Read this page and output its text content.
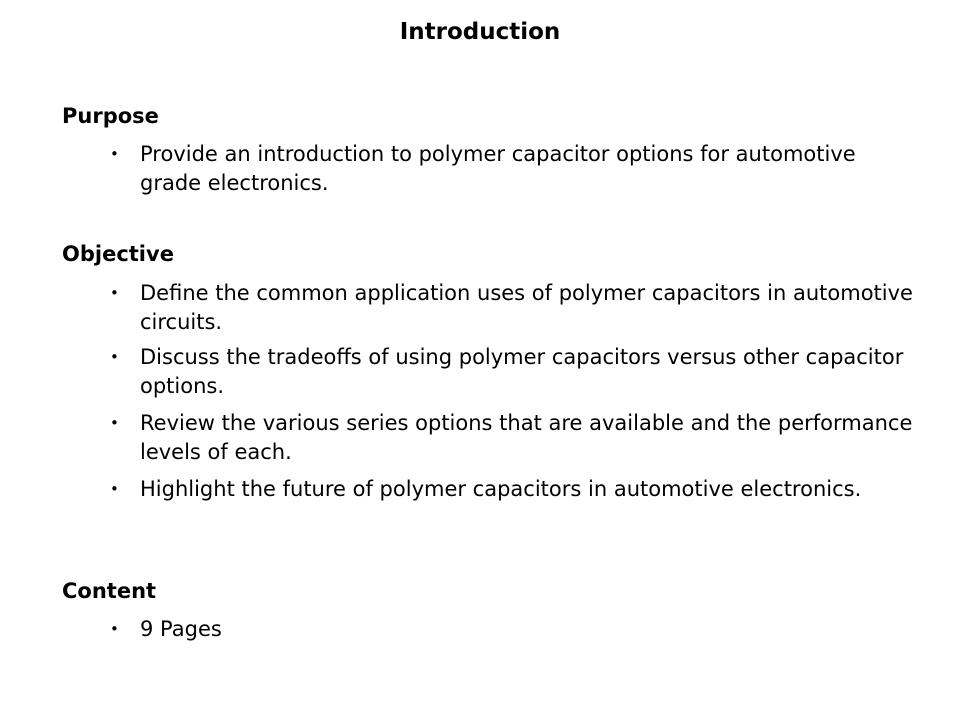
Introduction
Purpose
• Provide an introduction to polymer capacitor options for automotive grade electronics.
Objective
• Define the common application uses of polymer capacitors in automotive circuits.
• Discuss the tradeoffs of using polymer capacitors versus other capacitor options.
• Review the various series options that are available and the performance levels of each.
• Highlight the future of polymer capacitors in automotive electronics.
Content
• 9 Pages
